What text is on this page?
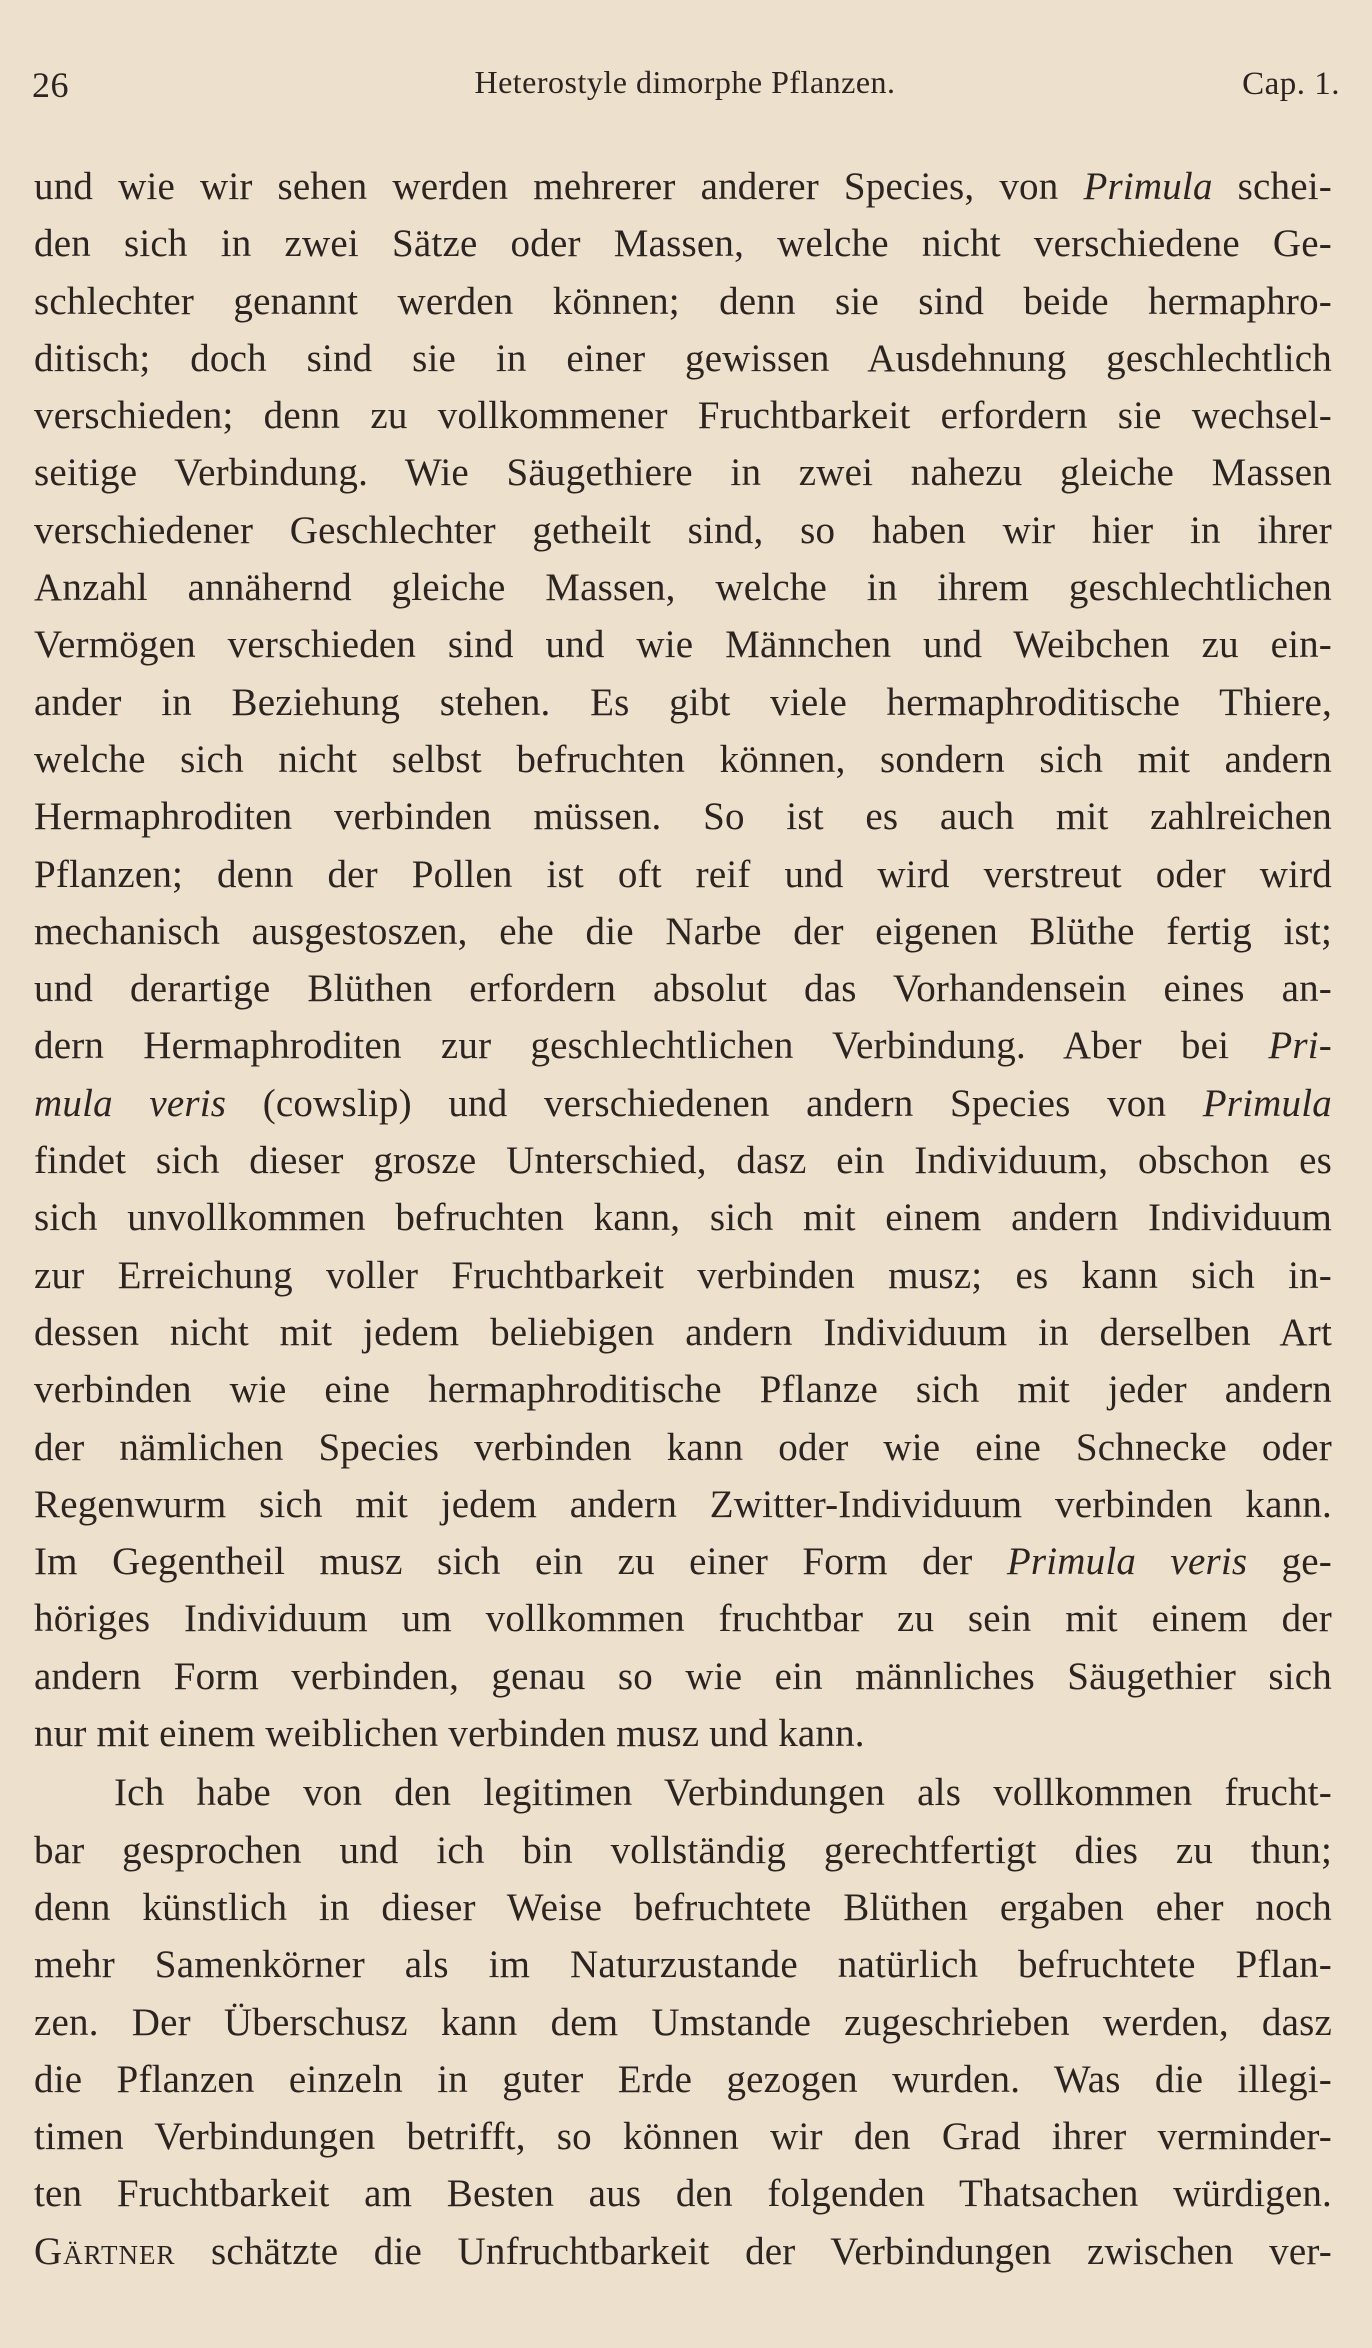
26	Heterostyle dimorphe Pflanzen.	Cap. 1.
und wie wir sehen werden mehrerer anderer Species, von Primula schei-
den sich in zwei Sätze oder Massen, welche nicht verschiedene Ge-
schlechter genannt werden können; denn sie sind beide hermaphro-
ditisch; doch sind sie in einer gewissen Ausdehnung geschlechtlich
verschieden; denn zu vollkommener Fruchtbarkeit erfordern sie wechsel-
seitige Verbindung. Wie Säugethiere in zwei nahezu gleiche Massen
verschiedener Geschlechter getheilt sind, so haben wir hier in ihrer
Anzahl annähernd gleiche Massen, welche in ihrem geschlechtlichen
Vermögen verschieden sind und wie Männchen und Weibchen zu ein-
ander in Beziehung stehen. Es gibt viele hermaphroditische Thiere,
welche sich nicht selbst befruchten können, sondern sich mit andern
Hermaphroditen verbinden müssen. So ist es auch mit zahlreichen
Pflanzen; denn der Pollen ist oft reif und wird verstreut oder wird
mechanisch ausgestoszen, ehe die Narbe der eigenen Blüthe fertig ist;
und derartige Blüthen erfordern absolut das Vorhandensein eines an-
dern Hermaphroditen zur geschlechtlichen Verbindung. Aber bei Pri-
mula veris (cowslip) und verschiedenen andern Species von Primula
findet sich dieser grosze Unterschied, dasz ein Individuum, obschon es
sich unvollkommen befruchten kann, sich mit einem andern Individuum
zur Erreichung voller Fruchtbarkeit verbinden musz; es kann sich in-
dessen nicht mit jedem beliebigen andern Individuum in derselben Art
verbinden wie eine hermaphroditische Pflanze sich mit jeder andern
der nämlichen Species verbinden kann oder wie eine Schnecke oder
Regenwurm sich mit jedem andern Zwitter-Individuum verbinden kann.
Im Gegentheil musz sich ein zu einer Form der Primula veris ge-
höriges Individuum um vollkommen fruchtbar zu sein mit einem der
andern Form verbinden, genau so wie ein männliches Säugethier sich
nur mit einem weiblichen verbinden musz und kann.
Ich habe von den legitimen Verbindungen als vollkommen frucht-
bar gesprochen und ich bin vollständig gerechtfertigt dies zu thun;
denn künstlich in dieser Weise befruchtete Blüthen ergaben eher noch
mehr Samenkörner als im Naturzustande natürlich befruchtete Pflan-
zen. Der Überschusz kann dem Umstande zugeschrieben werden, dasz
die Pflanzen einzeln in guter Erde gezogen wurden. Was die illegi-
timen Verbindungen betrifft, so können wir den Grad ihrer verminder-
ten Fruchtbarkeit am Besten aus den folgenden Thatsachen würdigen.
Gärtner schätzte die Unfruchtbarkeit der Verbindungen zwischen ver-
